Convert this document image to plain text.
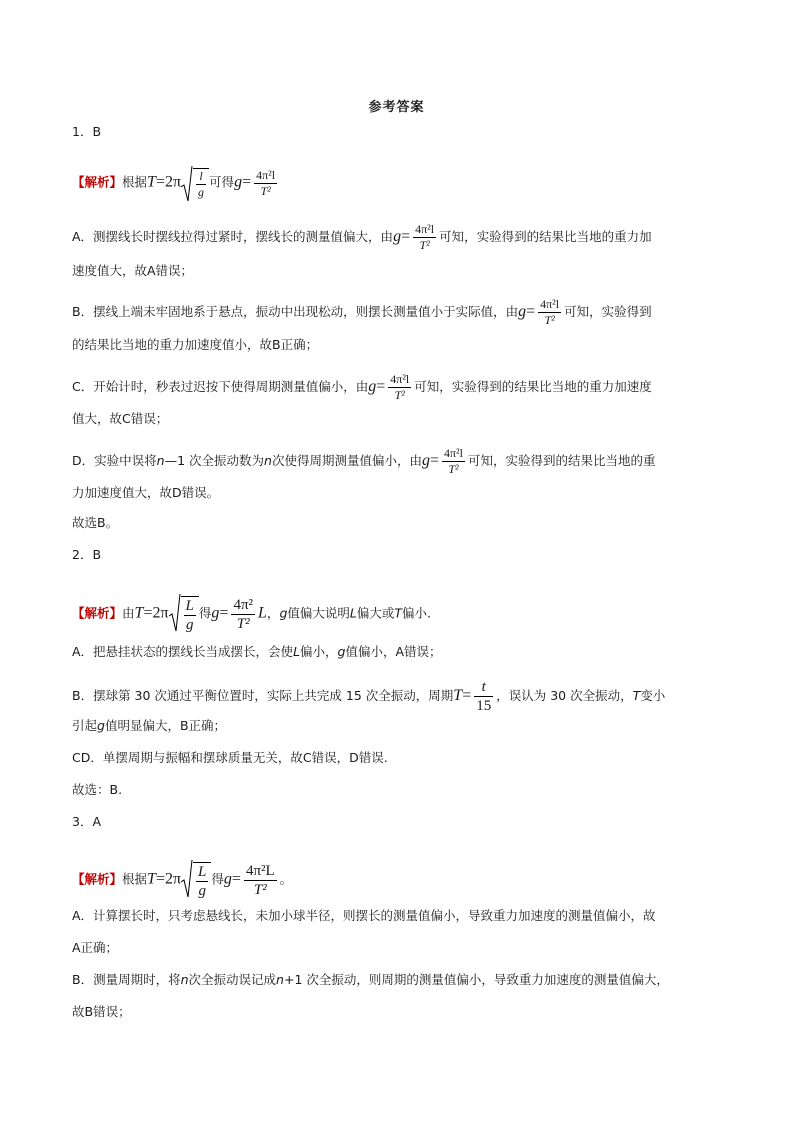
参考答案
1．B
【解析】根据$T=2\pi \frac{l}{g}$ 可得$g= \frac{\text{4π²l}}{\text{T²}}$
A．测摆线长时摆线拉得过紧时，摆线长的测量值偏大，由$g= \frac{\text{4π²l}}{\text{T²}}$ 可知，实验得到的结果比当地的重力加
速度值大，故A错误；
B．摆线上端未牢固地系于悬点，振动中出现松动，则摆长测量值小于实际值，由$g= \frac{\text{4π²l}}{\text{T²}}$ 可知，实验得到
的结果比当地的重力加速度值小，故B正确；
C．开始计时，秒表过迟按下使得周期测量值偏小，由$g= \frac{\text{4π²l}}{\text{T²}}$ 可知，实验得到的结果比当地的重力加速度
值大，故C错误；
D．实验中误将n—1 次全振动数为n次使得周期测量值偏小，由$g= \frac{\text{4π²l}}{\text{T²}}$ 可知，实验得到的结果比当地的重
力加速度值大，故D错误。
故选B。
2．B
【解析】由$T=2\pi \frac{L}{g}$ 得$g= \frac{\text{4π²}}{\text{T²}}$ L，g值偏大说明L偏大或T偏小.
A．把悬挂状态的摆线长当成摆长，会使L偏小，g值偏小，A错误；
B．摆球第 30 次通过平衡位置时，实际上共完成 15 次全振动，周期$T= \frac{t}{15}$ ，误认为 30 次全振动，T变小
引起g值明显偏大，B正确；
CD．单摆周期与振幅和摆球质量无关，故C错误，D错误.
故选：B.
3．A
【解析】根据$T=2\pi \frac{L}{g}$ 得$g= \frac{\text{4π²L}}{\text{T²}}$ 。
A．计算摆长时，只考虑悬线长，未加小球半径，则摆长的测量值偏小，导致重力加速度的测量值偏小，故
A正确；
B．测量周期时，将n次全振动误记成n+1 次全振动，则周期的测量值偏小，导致重力加速度的测量值偏大，
故B错误；
